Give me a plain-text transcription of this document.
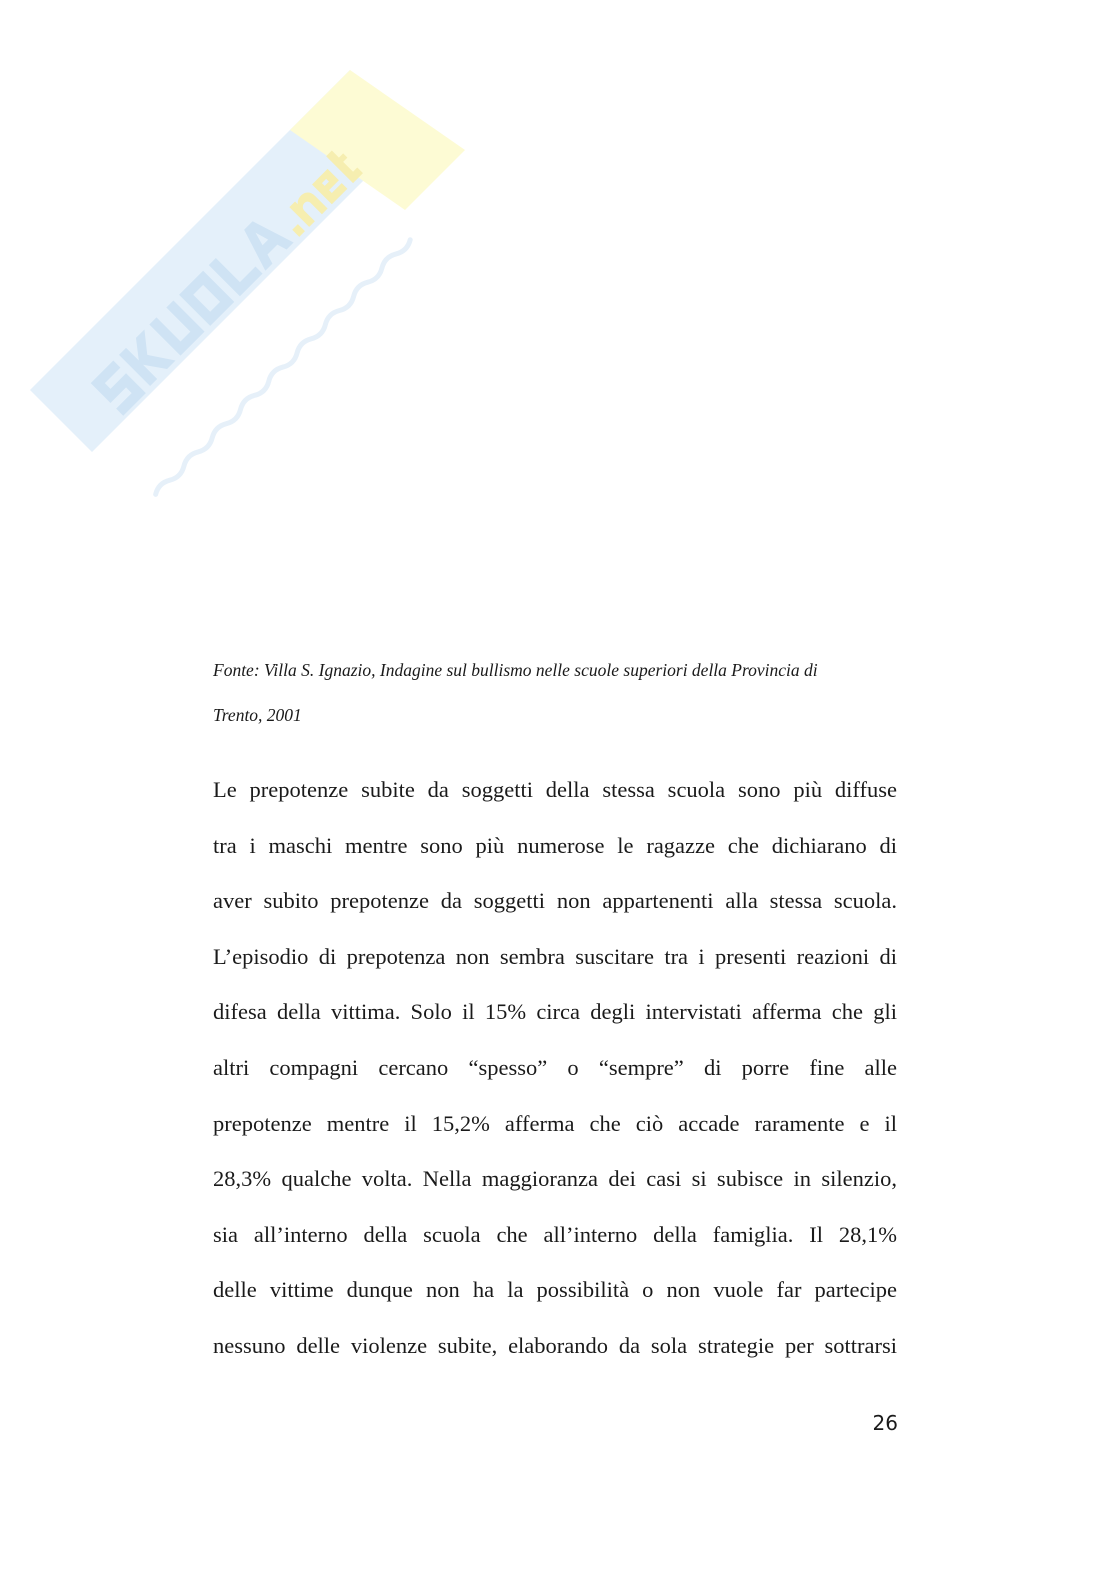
Fonte: Villa S. Ignazio, Indagine sul bullismo nelle scuole superiori della Provincia di
Trento, 2001
Le prepotenze subite da soggetti della stessa scuola sono più diffuse
tra i maschi mentre sono più numerose le ragazze che dichiarano di
aver subito prepotenze da soggetti non appartenenti alla stessa scuola.
L’episodio di prepotenza non sembra suscitare tra i presenti reazioni di
difesa della vittima. Solo il 15% circa degli intervistati afferma che gli
altri compagni cercano “spesso” o “sempre” di porre fine alle
prepotenze mentre il 15,2% afferma che ciò accade raramente e il
28,3% qualche volta. Nella maggioranza dei casi si subisce in silenzio,
sia all’interno della scuola che all’interno della famiglia. Il 28,1%
delle vittime dunque non ha la possibilità o non vuole far partecipe
nessuno delle violenze subite, elaborando da sola strategie per sottrarsi
26
